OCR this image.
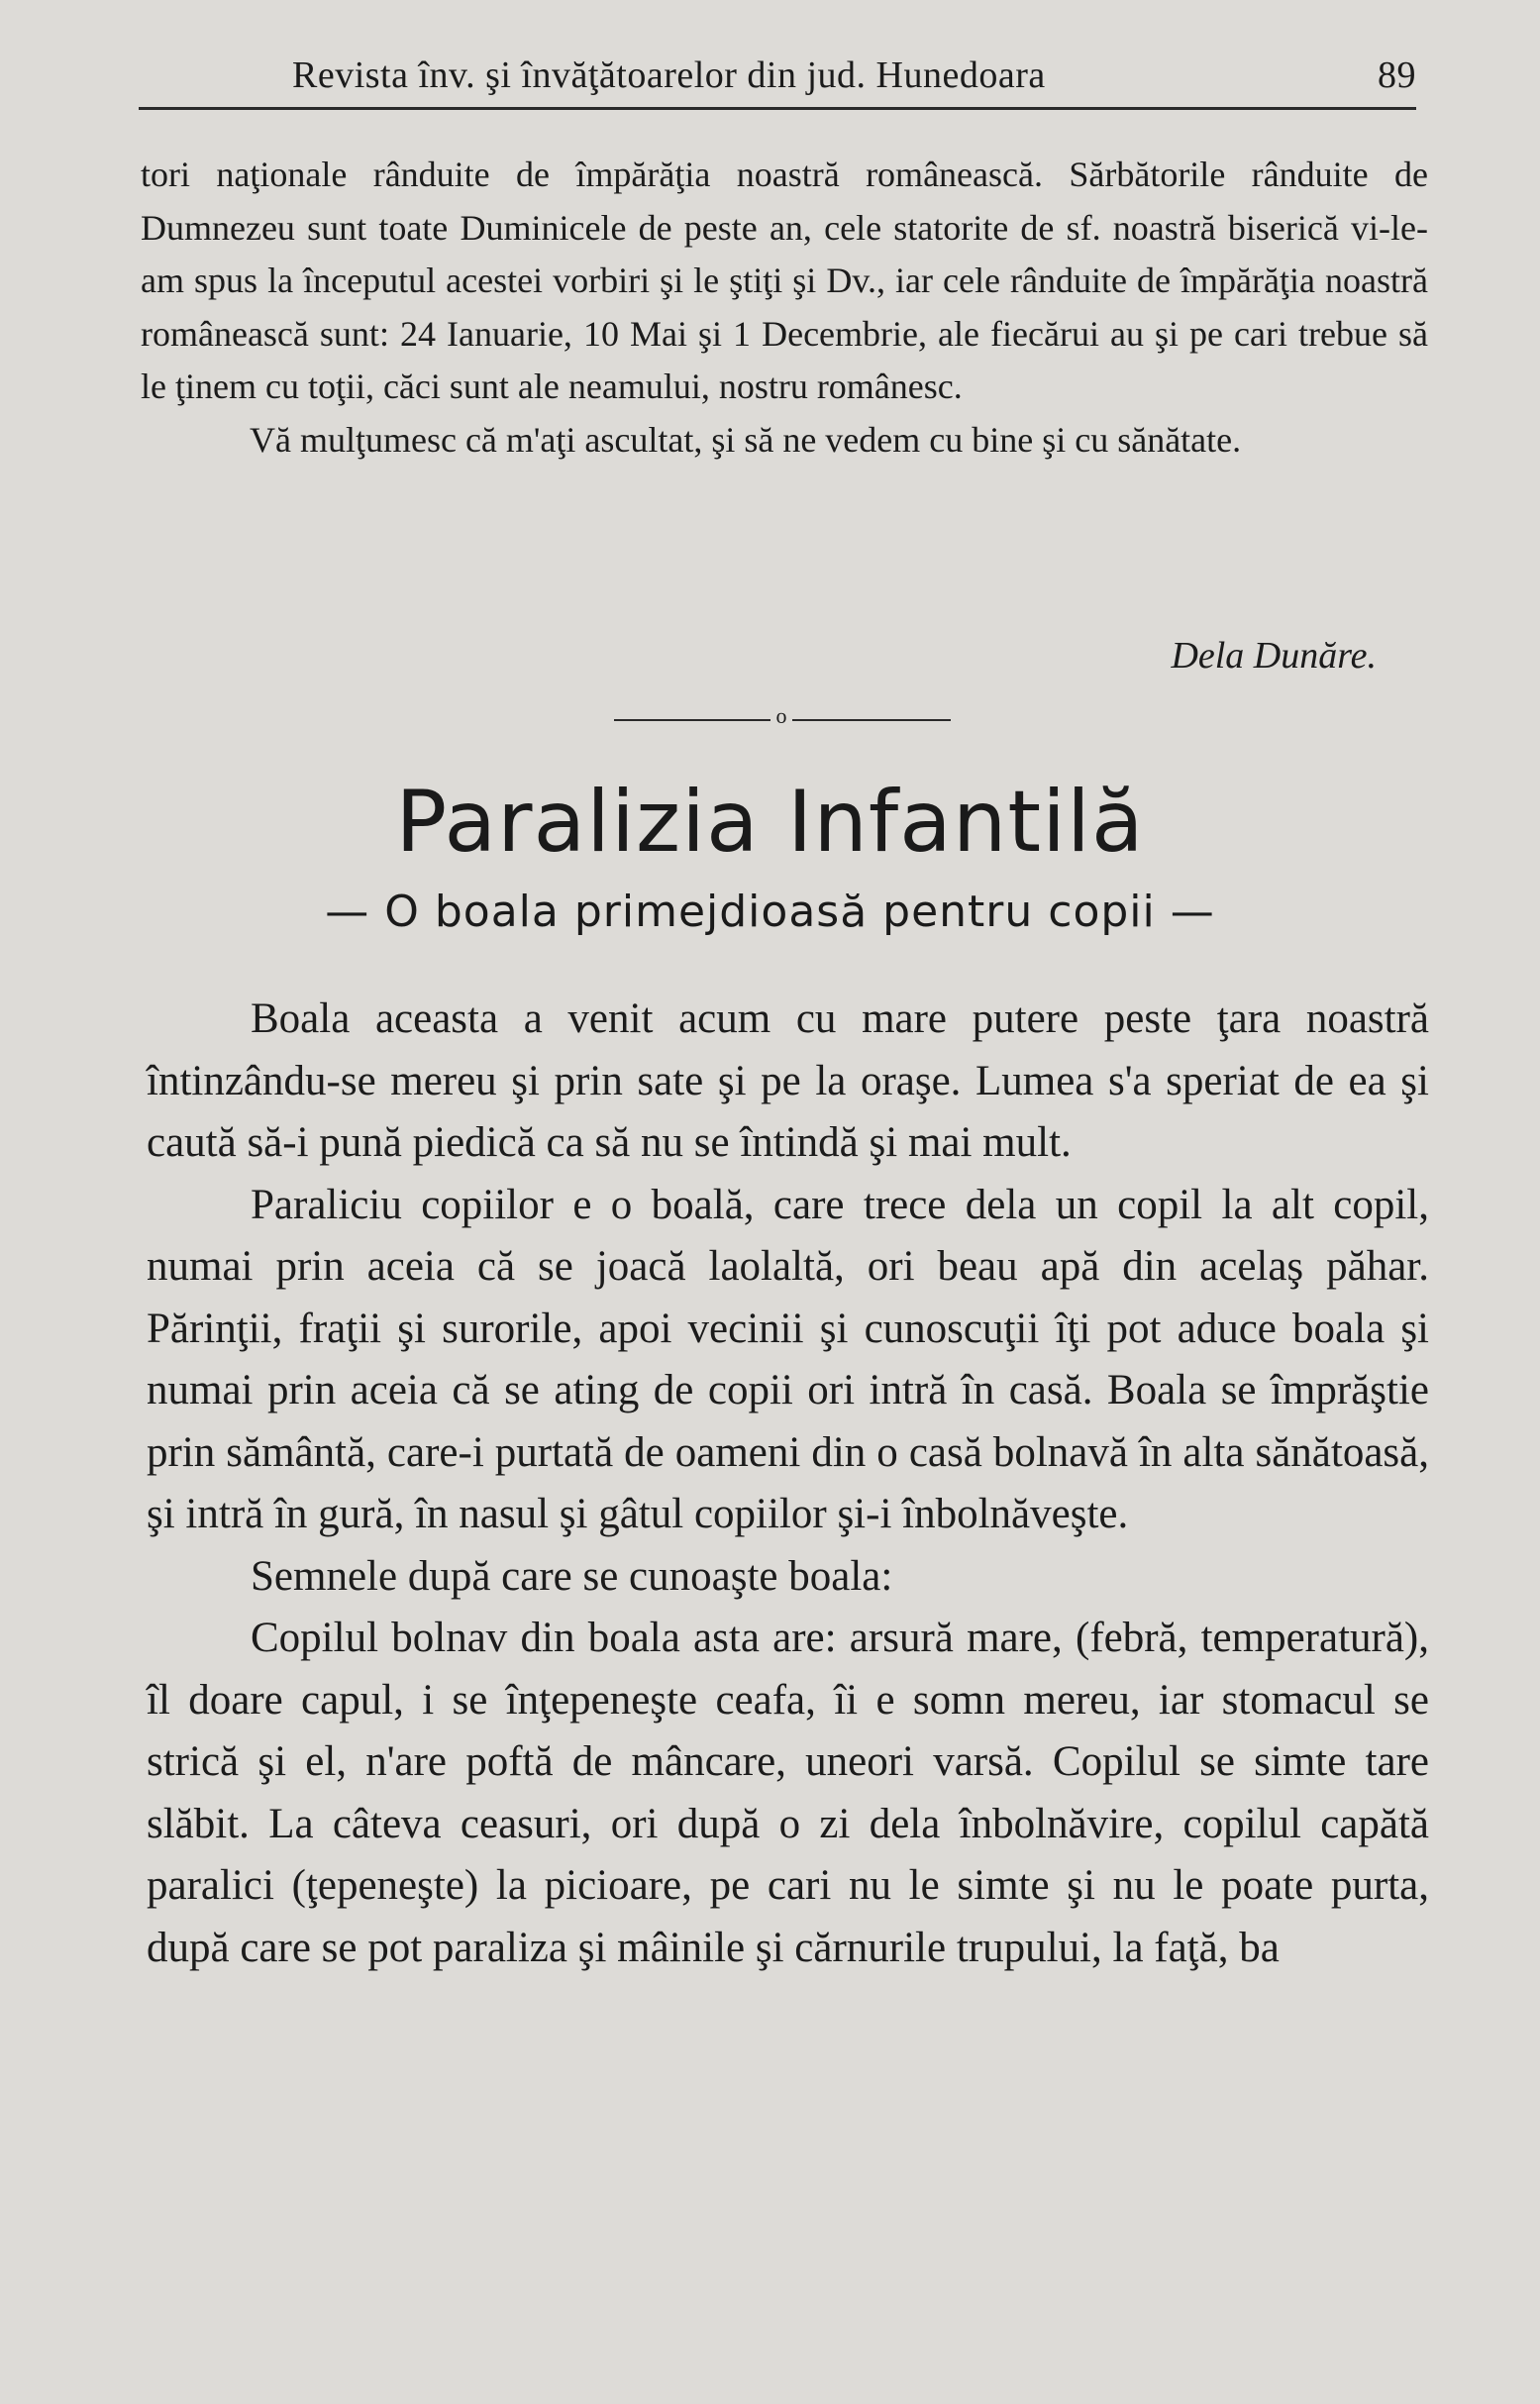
Revista înv. şi învăţătoarelor din jud. Hunedoara	89

tori naţionale rânduite de împărăţia noastră românească. Sărbătorile rânduite de Dumnezeu sunt toate Duminicele de peste an, cele statorite de sf. noastră biserică vi-le-am spus la începutul acestei vorbiri şi le ştiţi şi Dv., iar cele rânduite de împărăţia noastră românească sunt: 24 Ianuarie, 10 Mai şi 1 Decembrie, ale fiecărui au şi pe cari trebue să le ţinem cu toţii, căci sunt ale neamului, nostru românesc.

Vă mulţumesc că m'aţi ascultat, şi să ne vedem cu bine şi cu sănătate.

Dela Dunăre.
o
Paralizia Infantilă
— O boala primejdioasă pentru copii —

Boala aceasta a venit acum cu mare putere peste ţara noastră întinzându-se mereu şi prin sate şi pe la oraşe. Lumea s'a speriat de ea şi caută să-i pună piedică ca să nu se întindă şi mai mult.

Paraliciu copiilor e o boală, care trece dela un copil la alt copil, numai prin aceia că se joacă laolaltă, ori beau apă din acelaş păhar. Părinţii, fraţii şi surorile, apoi vecinii şi cunoscuţii îţi pot aduce boala şi numai prin aceia că se ating de copii ori intră în casă. Boala se împrăştie prin sământă, care-i purtată de oameni din o casă bolnavă în alta sănătoasă, şi intră în gură, în nasul şi gâtul copiilor şi-i înbolnăveşte.

Semnele după care se cunoaşte boala:

Copilul bolnav din boala asta are: arsură mare, (febră, temperatură), îl doare capul, i se înţepeneşte ceafa, îi e somn mereu, iar stomacul se strică şi el, n'are poftă de mâncare, uneori varsă. Copilul se simte tare slăbit. La câteva ceasuri, ori după o zi dela înbolnăvire, copilul capătă paralici (ţepeneşte) la picioare, pe cari nu le simte şi nu le poate purta, după care se pot paraliza şi mâinile şi cărnurile trupului, la faţă, ba
